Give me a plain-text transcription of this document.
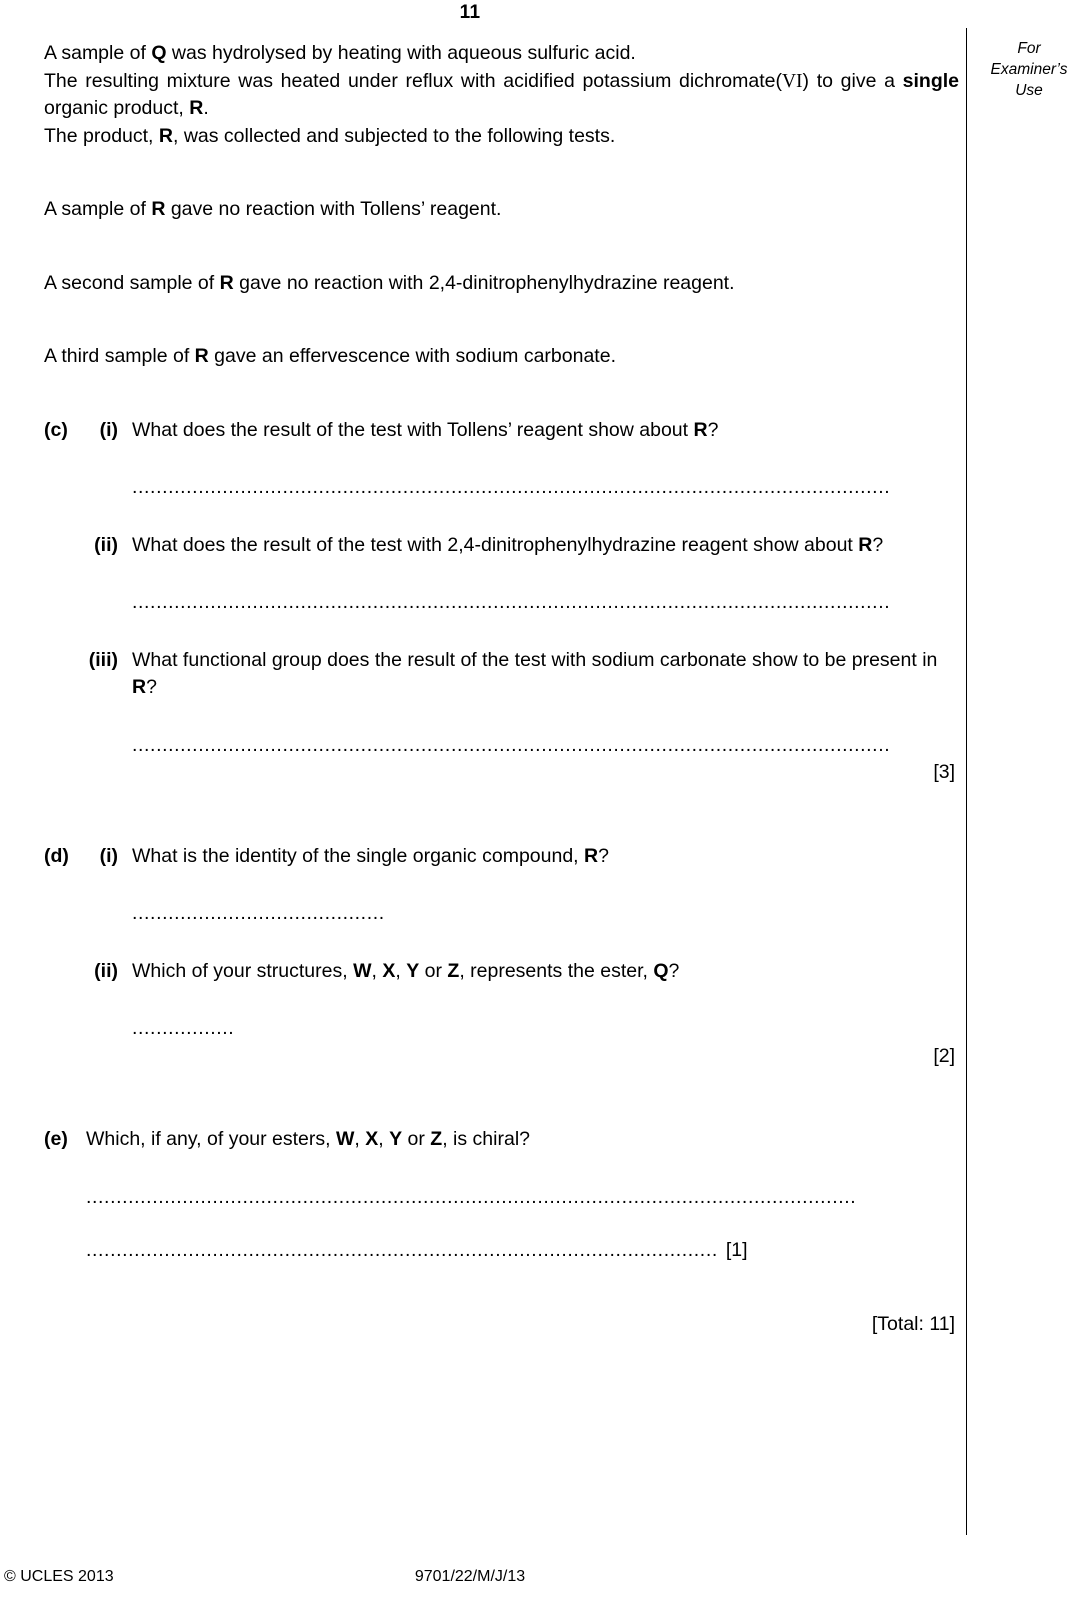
11
For
Examiner’s
Use

A sample of Q was hydrolysed by heating with aqueous sulfuric acid.

The resulting mixture was heated under reflux with acidified potassium dichromate(VI) to give a single organic product, R.

The product, R, was collected and subjected to the following tests.

A sample of R gave no reaction with Tollens’ reagent.

A second sample of R gave no reaction with 2,4-dinitrophenylhydrazine reagent.

A third sample of R gave an effervescence with sodium carbonate.

(c)	(i) What does the result of the test with Tollens’ reagent show about R?
..............................................................................................................................
(ii) What does the result of the test with 2,4-dinitrophenylhydrazine reagent show about R?
..............................................................................................................................
(iii) What functional group does the result of the test with sodium carbonate show to be present in R?
..............................................................................................................................
[3]
(d)	(i) What is the identity of the single organic compound, R?
..........................................
(ii) Which of your structures, W, X, Y or Z, represents the ester, Q?
.................
[2]
(e) Which, if any, of your esters, W, X, Y or Z, is chiral?
................................................................................................................................
......................................................................................................... [1]
[Total: 11]
© UCLES 2013	9701/22/M/J/13
